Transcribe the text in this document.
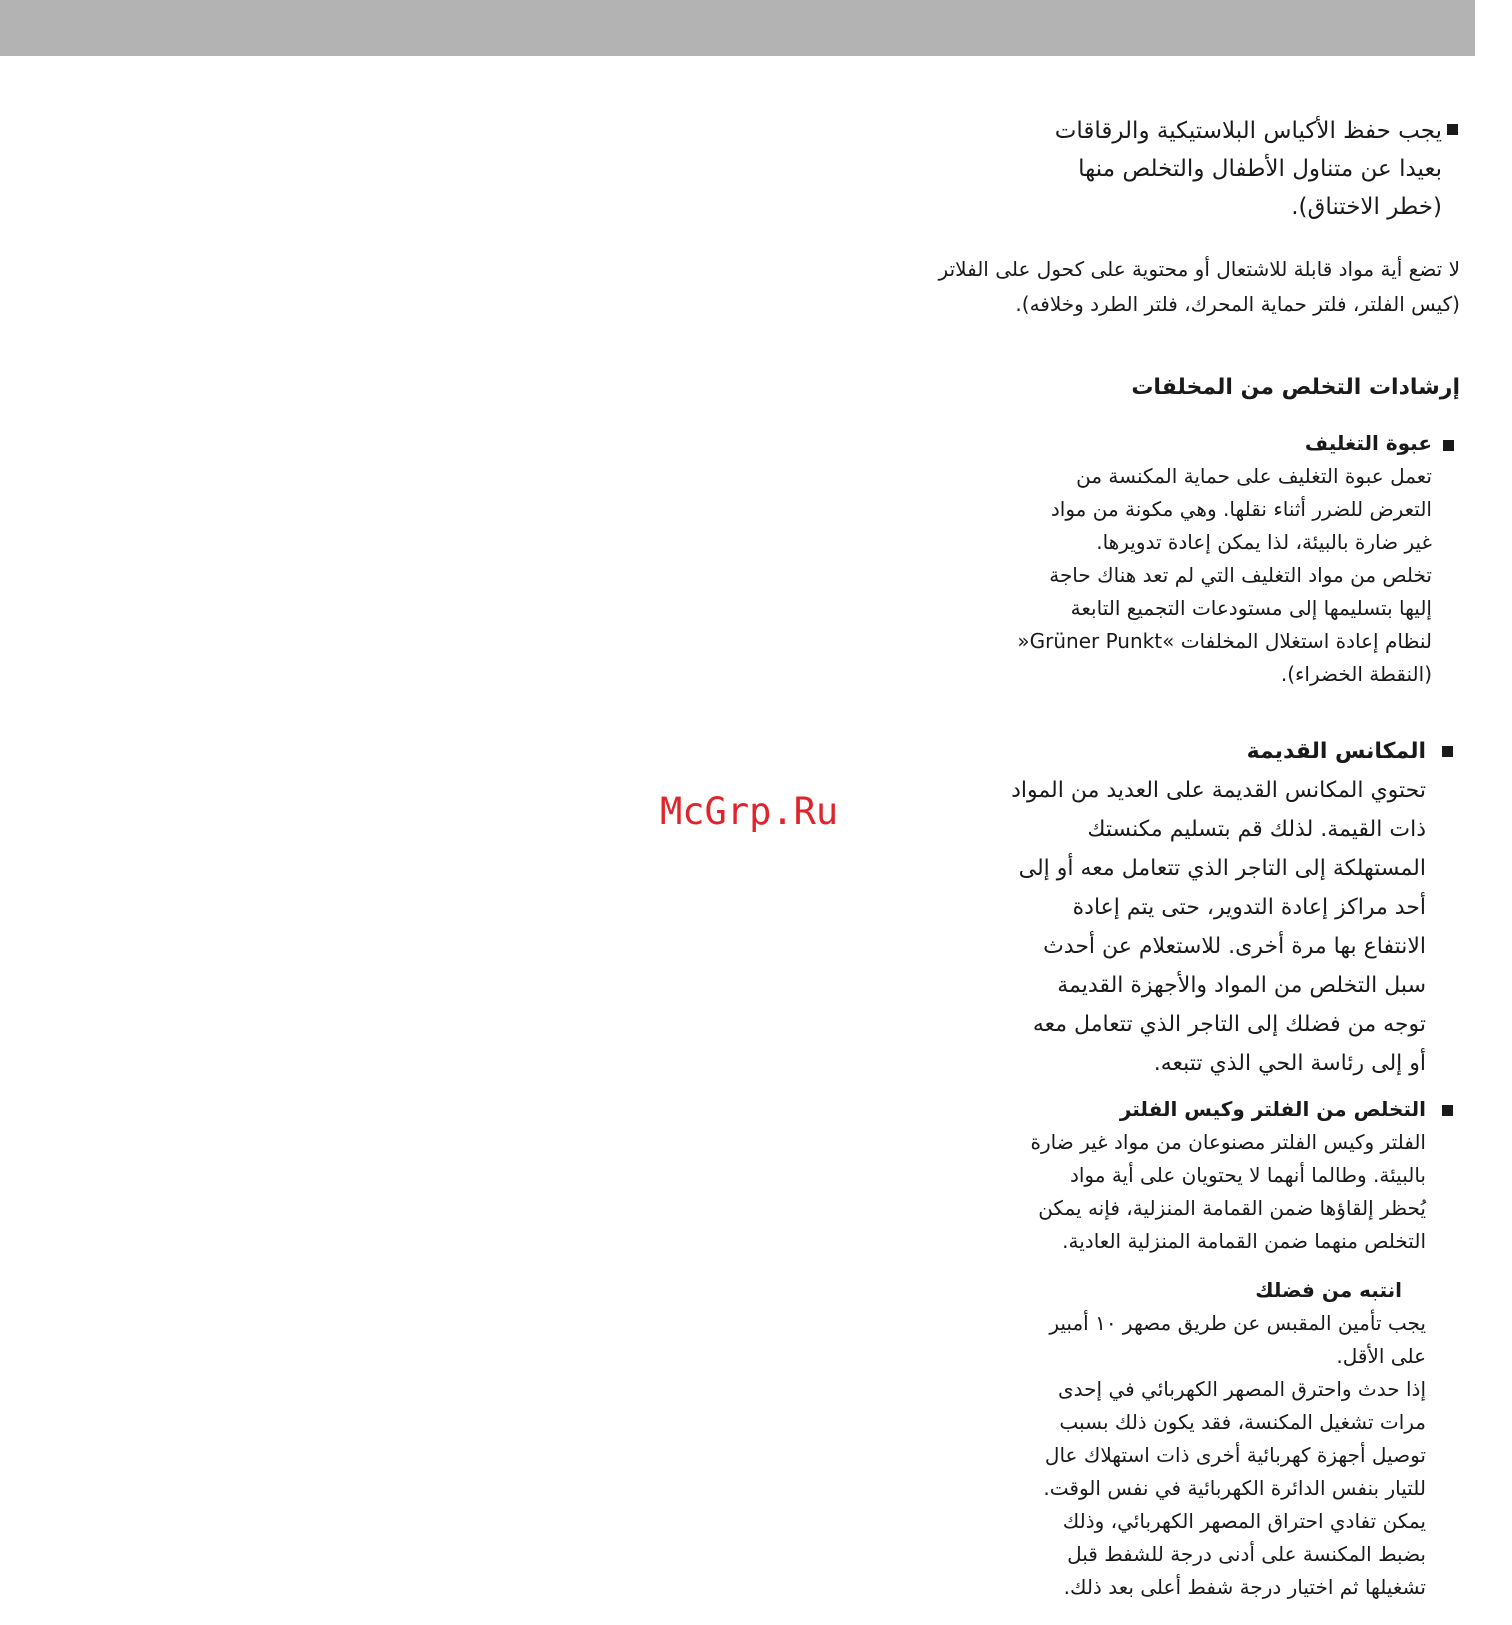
يجب حفظ الأكياس البلاستيكية والرقاقات
بعيدا عن متناول الأطفال والتخلص منها
(خطر الاختناق).
لا تضع أية مواد قابلة للاشتعال أو محتوية على كحول على الفلاتر
(كيس الفلتر، فلتر حماية المحرك، فلتر الطرد وخلافه).
إرشادات التخلص من المخلفات
عبوة التغليف
تعمل عبوة التغليف على حماية المكنسة من
التعرض للضرر أثناء نقلها. وهي مكونة من مواد
غير ضارة بالبيئة، لذا يمكن إعادة تدويرها.
تخلص من مواد التغليف التي لم تعد هناك حاجة
إليها بتسليمها إلى مستودعات التجميع التابعة
لنظام إعادة استغلال المخلفات »Grüner Punkt«
(النقطة الخضراء).
المكانس القديمة
تحتوي المكانس القديمة على العديد من المواد
ذات القيمة. لذلك قم بتسليم مكنستك
المستهلكة إلى التاجر الذي تتعامل معه أو إلى
أحد مراكز إعادة التدوير، حتى يتم إعادة
الانتفاع بها مرة أخرى. للاستعلام عن أحدث
سبل التخلص من المواد والأجهزة القديمة
توجه من فضلك إلى التاجر الذي تتعامل معه
أو إلى رئاسة الحي الذي تتبعه.
التخلص من الفلتر وكيس الفلتر
الفلتر وكيس الفلتر مصنوعان من مواد غير ضارة
بالبيئة. وطالما أنهما لا يحتويان على أية مواد
يُحظر إلقاؤها ضمن القمامة المنزلية، فإنه يمكن
التخلص منهما ضمن القمامة المنزلية العادية.
انتبه من فضلك
يجب تأمين المقبس عن طريق مصهر ١٠ أمبير
على الأقل.
إذا حدث واحترق المصهر الكهربائي في إحدى
مرات تشغيل المكنسة، فقد يكون ذلك بسبب
توصيل أجهزة كهربائية أخرى ذات استهلاك عال
للتيار بنفس الدائرة الكهربائية في نفس الوقت.
يمكن تفادي احتراق المصهر الكهربائي، وذلك
بضبط المكنسة على أدنى درجة للشفط قبل
تشغيلها ثم اختيار درجة شفط أعلى بعد ذلك.
McGrp.Ru
